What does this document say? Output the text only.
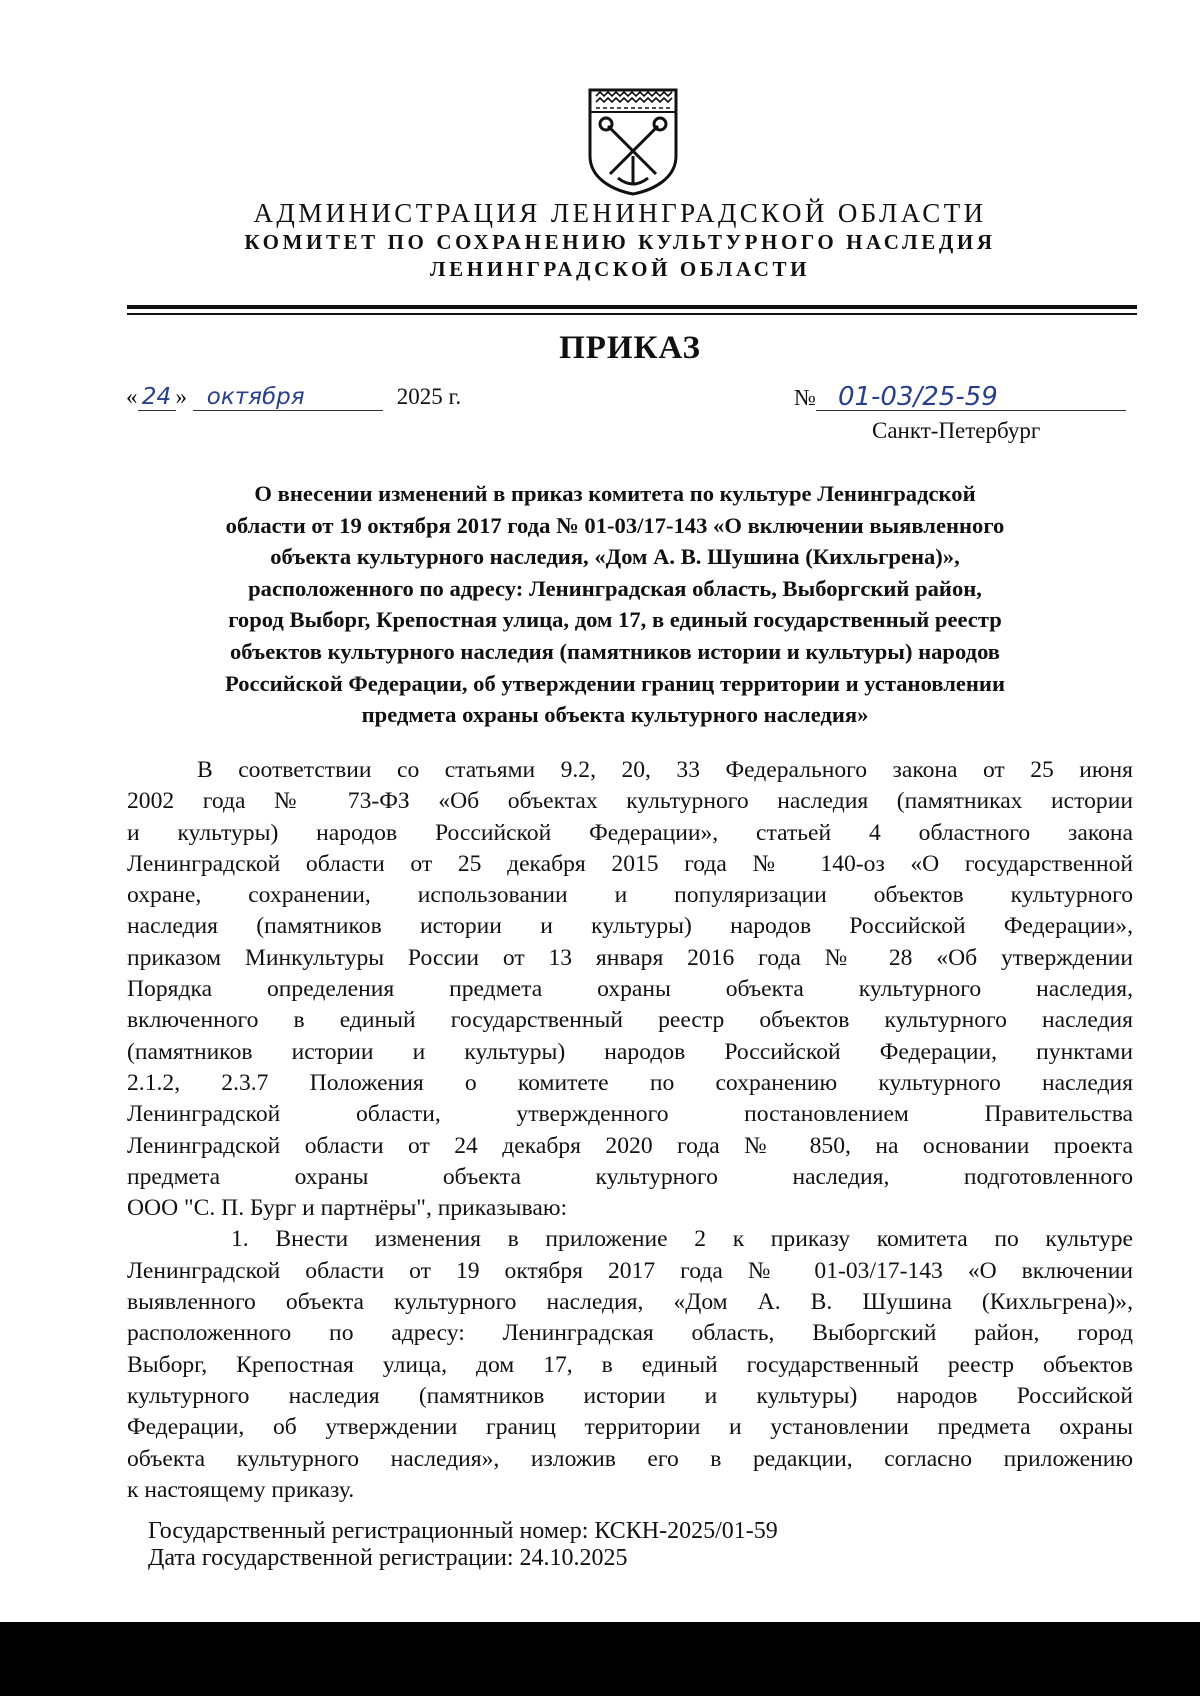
АДМИНИСТРАЦИЯ ЛЕНИНГРАДСКОЙ ОБЛАСТИ
КОМИТЕТ ПО СОХРАНЕНИЮ КУЛЬТУРНОГО НАСЛЕДИЯ
ЛЕНИНГРАДСКОЙ ОБЛАСТИ
ПРИКАЗ
« 24 » октября	2025 г.	№ 01-03/25-59
Санкт-Петербург
О внесении изменений в приказ комитета по культуре Ленинградской
области от 19 октября 2017 года № 01-03/17-143 «О включении выявленного
объекта культурного наследия, «Дом А. В. Шушина (Кихльгрена)»,
расположенного по адресу: Ленинградская область, Выборгский район,
город Выборг, Крепостная улица, дом 17, в единый государственный реестр
объектов культурного наследия (памятников истории и культуры) народов
Российской Федерации, об утверждении границ территории и установлении
предмета охраны объекта культурного наследия»
В соответствии со статьями 9.2, 20, 33 Федерального закона от 25 июня
2002 года № 73-ФЗ «Об объектах культурного наследия (памятниках истории
и культуры) народов Российской Федерации», статьей 4 областного закона
Ленинградской области от 25 декабря 2015 года № 140-оз «О государственной
охране, сохранении, использовании и популяризации объектов культурного
наследия (памятников истории и культуры) народов Российской Федерации»,
приказом Минкультуры России от 13 января 2016 года № 28 «Об утверждении
Порядка определения предмета охраны объекта культурного наследия,
включенного в единый государственный реестр объектов культурного наследия
(памятников истории и культуры) народов Российской Федерации, пунктами
2.1.2, 2.3.7 Положения о комитете по сохранению культурного наследия
Ленинградской области, утвержденного постановлением Правительства
Ленинградской области от 24 декабря 2020 года № 850, на основании проекта
предмета охраны объекта культурного наследия, подготовленного
ООО "С. П. Бург и партнёры", приказываю:
1. Внести изменения в приложение 2 к приказу комитета по культуре
Ленинградской области от 19 октября 2017 года № 01-03/17-143 «О включении
выявленного объекта культурного наследия, «Дом А. В. Шушина (Кихльгрена)»,
расположенного по адресу: Ленинградская область, Выборгский район, город
Выборг, Крепостная улица, дом 17, в единый государственный реестр объектов
культурного наследия (памятников истории и культуры) народов Российской
Федерации, об утверждении границ территории и установлении предмета охраны
объекта культурного наследия», изложив его в редакции, согласно приложению
к настоящему приказу.
Государственный регистрационный номер: КСКН-2025/01-59
Дата государственной регистрации: 24.10.2025
